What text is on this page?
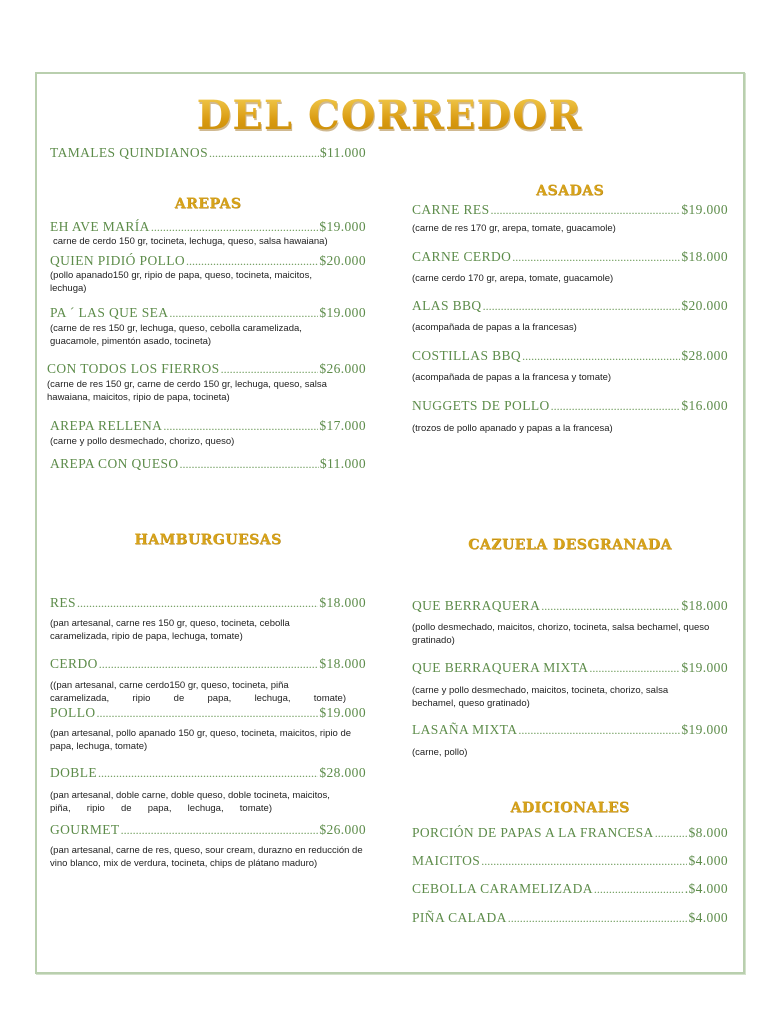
DEL CORREDOR
TAMALES QUINDIANOS .....	$11.000
AREPAS
EH AVE MARÍA .....	$19.000
carne de cerdo 150 gr, tocineta, lechuga, queso, salsa hawaiana)
QUIEN PIDIÓ POLLO .....	$20.000
(pollo apanado150 gr, ripio de papa, queso, tocineta, maicitos, lechuga)
PA ´ LAS QUE SEA .....	$19.000
(carne de res 150 gr, lechuga, queso, cebolla caramelizada, guacamole, pimentón asado, tocineta)
CON TODOS LOS FIERROS .....	$26.000
(carne de res 150 gr, carne de cerdo 150 gr, lechuga, queso, salsa hawaiana, maicitos, ripio de papa, tocineta)
AREPA RELLENA .....	$17.000
(carne y pollo desmechado, chorizo, queso)
AREPA CON QUESO .....	$11.000
ASADAS
CARNE RES .....	$19.000
(carne de res 170 gr, arepa, tomate, guacamole)
CARNE CERDO .....	$18.000
(carne cerdo 170 gr, arepa, tomate, guacamole)
ALAS BBQ .....	$20.000
(acompañada de papas a la francesas)
COSTILLAS BBQ .....	$28.000
(acompañada de papas a la francesa y tomate)
NUGGETS DE POLLO .....	$16.000
(trozos de pollo apanado y papas a la francesa)
HAMBURGUESAS
RES .....	$18.000
(pan artesanal, carne res 150 gr, queso, tocineta, cebolla caramelizada, ripio de papa, lechuga, tomate)
CERDO .....	$18.000
((pan artesanal, carne cerdo150 gr, queso, tocineta, piña
caramelizada, ripio de papa, lechuga, tomate)
POLLO .....	$19.000
(pan artesanal, pollo apanado 150 gr, queso, tocineta, maicitos, ripio de papa, lechuga, tomate)
DOBLE .....	$28.000
(pan artesanal, doble carne, doble queso, doble tocineta, maicitos,
piña, ripio de papa, lechuga, tomate)
GOURMET .....	$26.000
(pan artesanal, carne de res, queso, sour cream, durazno en reducción de vino blanco, mix de verdura, tocineta, chips de plátano maduro)
CAZUELA DESGRANADA
QUE BERRAQUERA .....	$18.000
(pollo desmechado, maicitos, chorizo, tocineta, salsa bechamel, queso gratinado)
QUE BERRAQUERA MIXTA .....	$19.000
(carne y pollo desmechado, maicitos, tocineta, chorizo, salsa bechamel, queso gratinado)
LASAÑA MIXTA .....	$19.000
(carne, pollo)
ADICIONALES
PORCIÓN DE PAPAS A LA FRANCESA .....	$8.000
MAICITOS .....	$4.000
CEBOLLA CARAMELIZADA .....	.$4.000
PIÑA CALADA .....	$4.000
